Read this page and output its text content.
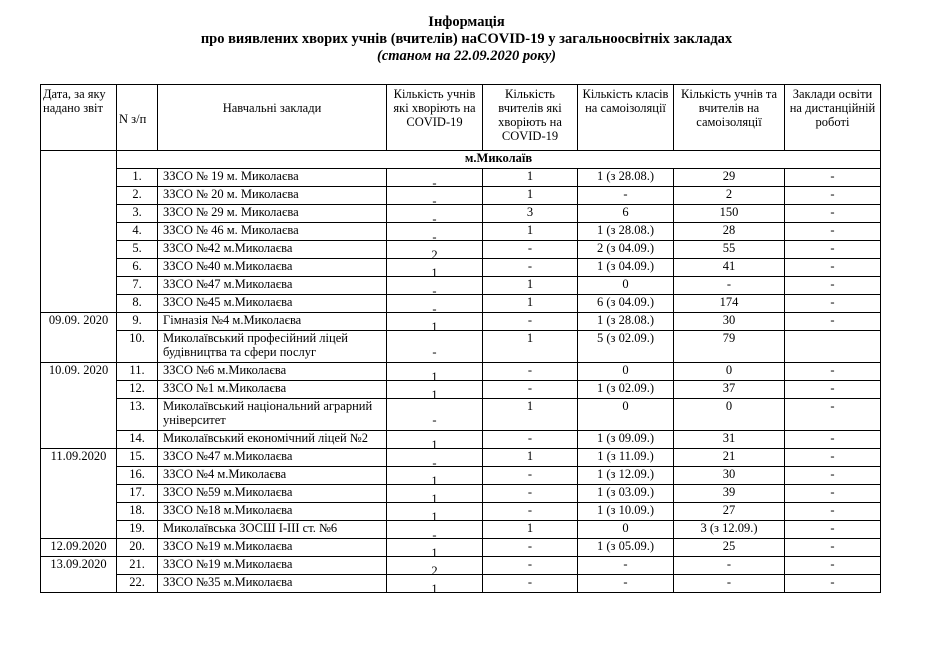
Інформація
про виявлених хворих учнів (вчителів) наCOVID-19 у загальноосвітніх закладах
(станом на 22.09.2020 року)
Дата, за яку надано звіт	N з/п	Навчальні заклади	Кількість учнів які хворіють на COVID-19	Кількість вчителів які хворіють на COVID-19	Кількість класів на самоізоляції	Кількість учнів та вчителів на самоізоляції	Заклади освіти на дистанційній роботі
	м.Миколаїв						
	1.	ЗЗСО № 19 м. Миколаєва	-	1	1 (з 28.08.)	29	-
	2.	ЗЗСО № 20 м. Миколаєва	-	1	-	2	-
	3.	ЗЗСО № 29 м. Миколаєва	-	3	6	150	-
	4.	ЗЗСО № 46 м. Миколаєва	-	1	1 (з 28.08.)	28	-
	5.	ЗЗСО №42 м.Миколаєва	2	-	2 (з 04.09.)	55	-
	6.	ЗЗСО №40 м.Миколаєва	1	-	1 (з 04.09.)	41	-
	7.	ЗЗСО №47 м.Миколаєва	-	1	0	-	-
	8.	ЗЗСО №45 м.Миколаєва	-	1	6 (з 04.09.)	174	-
09.09. 2020	9.	Гімназія №4 м.Миколаєва	1	-	1 (з 28.08.)	30	-
	10.	Миколаївський професійний ліцей будівництва та сфери послуг	-	1	5 (з 02.09.)	79	
10.09. 2020	11.	ЗЗСО №6 м.Миколаєва	1	-	0	0	-
	12.	ЗЗСО №1 м.Миколаєва	1	-	1 (з 02.09.)	37	-
	13.	Миколаївський національний аграрний університет	-	1	0	0	-
	14.	Миколаївський економічний ліцей №2	1	-	1 (з 09.09.)	31	-
11.09.2020	15.	ЗЗСО №47 м.Миколаєва	-	1	1 (з 11.09.)	21	-
	16.	ЗЗСО №4 м.Миколаєва	1	-	1 (з 12.09.)	30	-
	17.	ЗЗСО №59 м.Миколаєва	1	-	1 (з 03.09.)	39	-
	18.	ЗЗСО №18 м.Миколаєва	1	-	1 (з 10.09.)	27	-
	19.	Миколаївська ЗОСШ І-ІІІ ст. №6	-	1	0	3 (з 12.09.)	-
12.09.2020	20.	ЗЗСО №19 м.Миколаєва	1	-	1 (з 05.09.)	25	-
13.09.2020	21.	ЗЗСО №19 м.Миколаєва	2	-	-	-	-
	22.	ЗЗСО №35 м.Миколаєва	1	-	-	-	-
